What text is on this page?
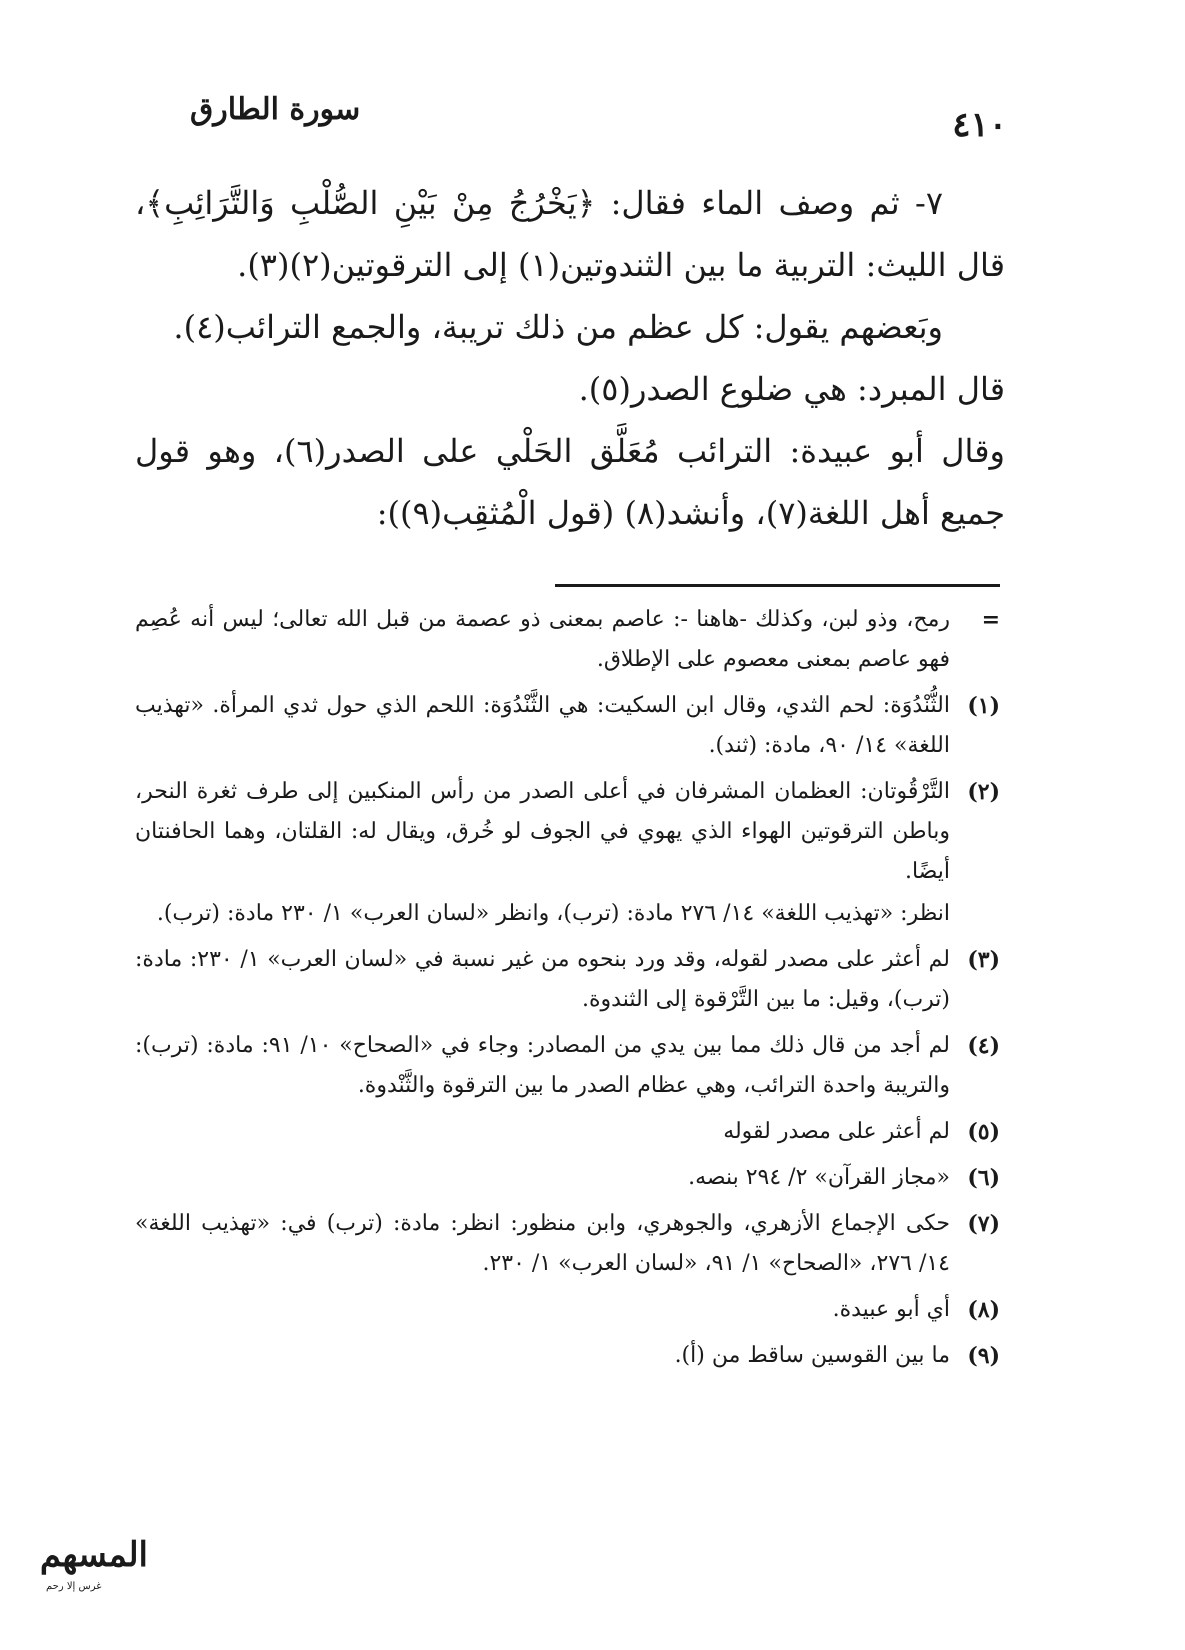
سورة الطارق	٤١٠

٧- ثم وصف الماء فقال: ﴿يَخْرُجُ مِنْ بَيْنِ الصُّلْبِ وَالتَّرَائِبِ﴾، قال الليث: التربية ما بين الثندوتين(١) إلى الترقوتين(٢)(٣).

وبَعضهم يقول: كل عظم من ذلك تريبة، والجمع الترائب(٤).

قال المبرد: هي ضلوع الصدر(٥).

وقال أبو عبيدة: الترائب مُعَلَّق الحَلْي على الصدر(٦)، وهو قول جميع أهل اللغة(٧)، وأنشد(٨) (قول الْمُثقِب(٩)):

=
رمح، وذو لبن، وكذلك -هاهنا -: عاصم بمعنى ذو عصمة من قبل الله تعالى؛ ليس أنه عُصِم فهو عاصم بمعنى معصوم على الإطلاق.
(١)
الثُّنْدُوَة: لحم الثدي، وقال ابن السكيت: هي الثَّنْدُوَة: اللحم الذي حول ثدي المرأة. «تهذيب اللغة» ١٤/ ٩٠، مادة: (ثند).
(٢)
التَّرْقُوتان: العظمان المشرفان في أعلى الصدر من رأس المنكبين إلى طرف ثغرة النحر، وباطن الترقوتين الهواء الذي يهوي في الجوف لو خُرق، ويقال له: القلتان، وهما الحافنتان أيضًا.
انظر: «تهذيب اللغة» ١٤/ ٢٧٦ مادة: (ترب)، وانظر «لسان العرب» ١/ ٢٣٠ مادة: (ترب).
(٣)
لم أعثر على مصدر لقوله، وقد ورد بنحوه من غير نسبة في «لسان العرب» ١/ ٢٣٠: مادة: (ترب)، وقيل: ما بين التَّرْقوة إلى الثندوة.
(٤)
لم أجد من قال ذلك مما بين يدي من المصادر: وجاء في «الصحاح» ١٠/ ٩١: مادة: (ترب): والتريبة واحدة الترائب، وهي عظام الصدر ما بين الترقوة والثَّنْدوة.
(٥)
لم أعثر على مصدر لقوله
(٦)
«مجاز القرآن» ٢/ ٢٩٤ بنصه.
(٧)
حكى الإجماع الأزهري، والجوهري، وابن منظور: انظر: مادة: (ترب) في: «تهذيب اللغة» ١٤/ ٢٧٦، «الصحاح» ١/ ٩١، «لسان العرب» ١/ ٢٣٠.
(٨)
أي أبو عبيدة.
(٩)
ما بين القوسين ساقط من (أ).
المسهم
غرس إلا رحم
